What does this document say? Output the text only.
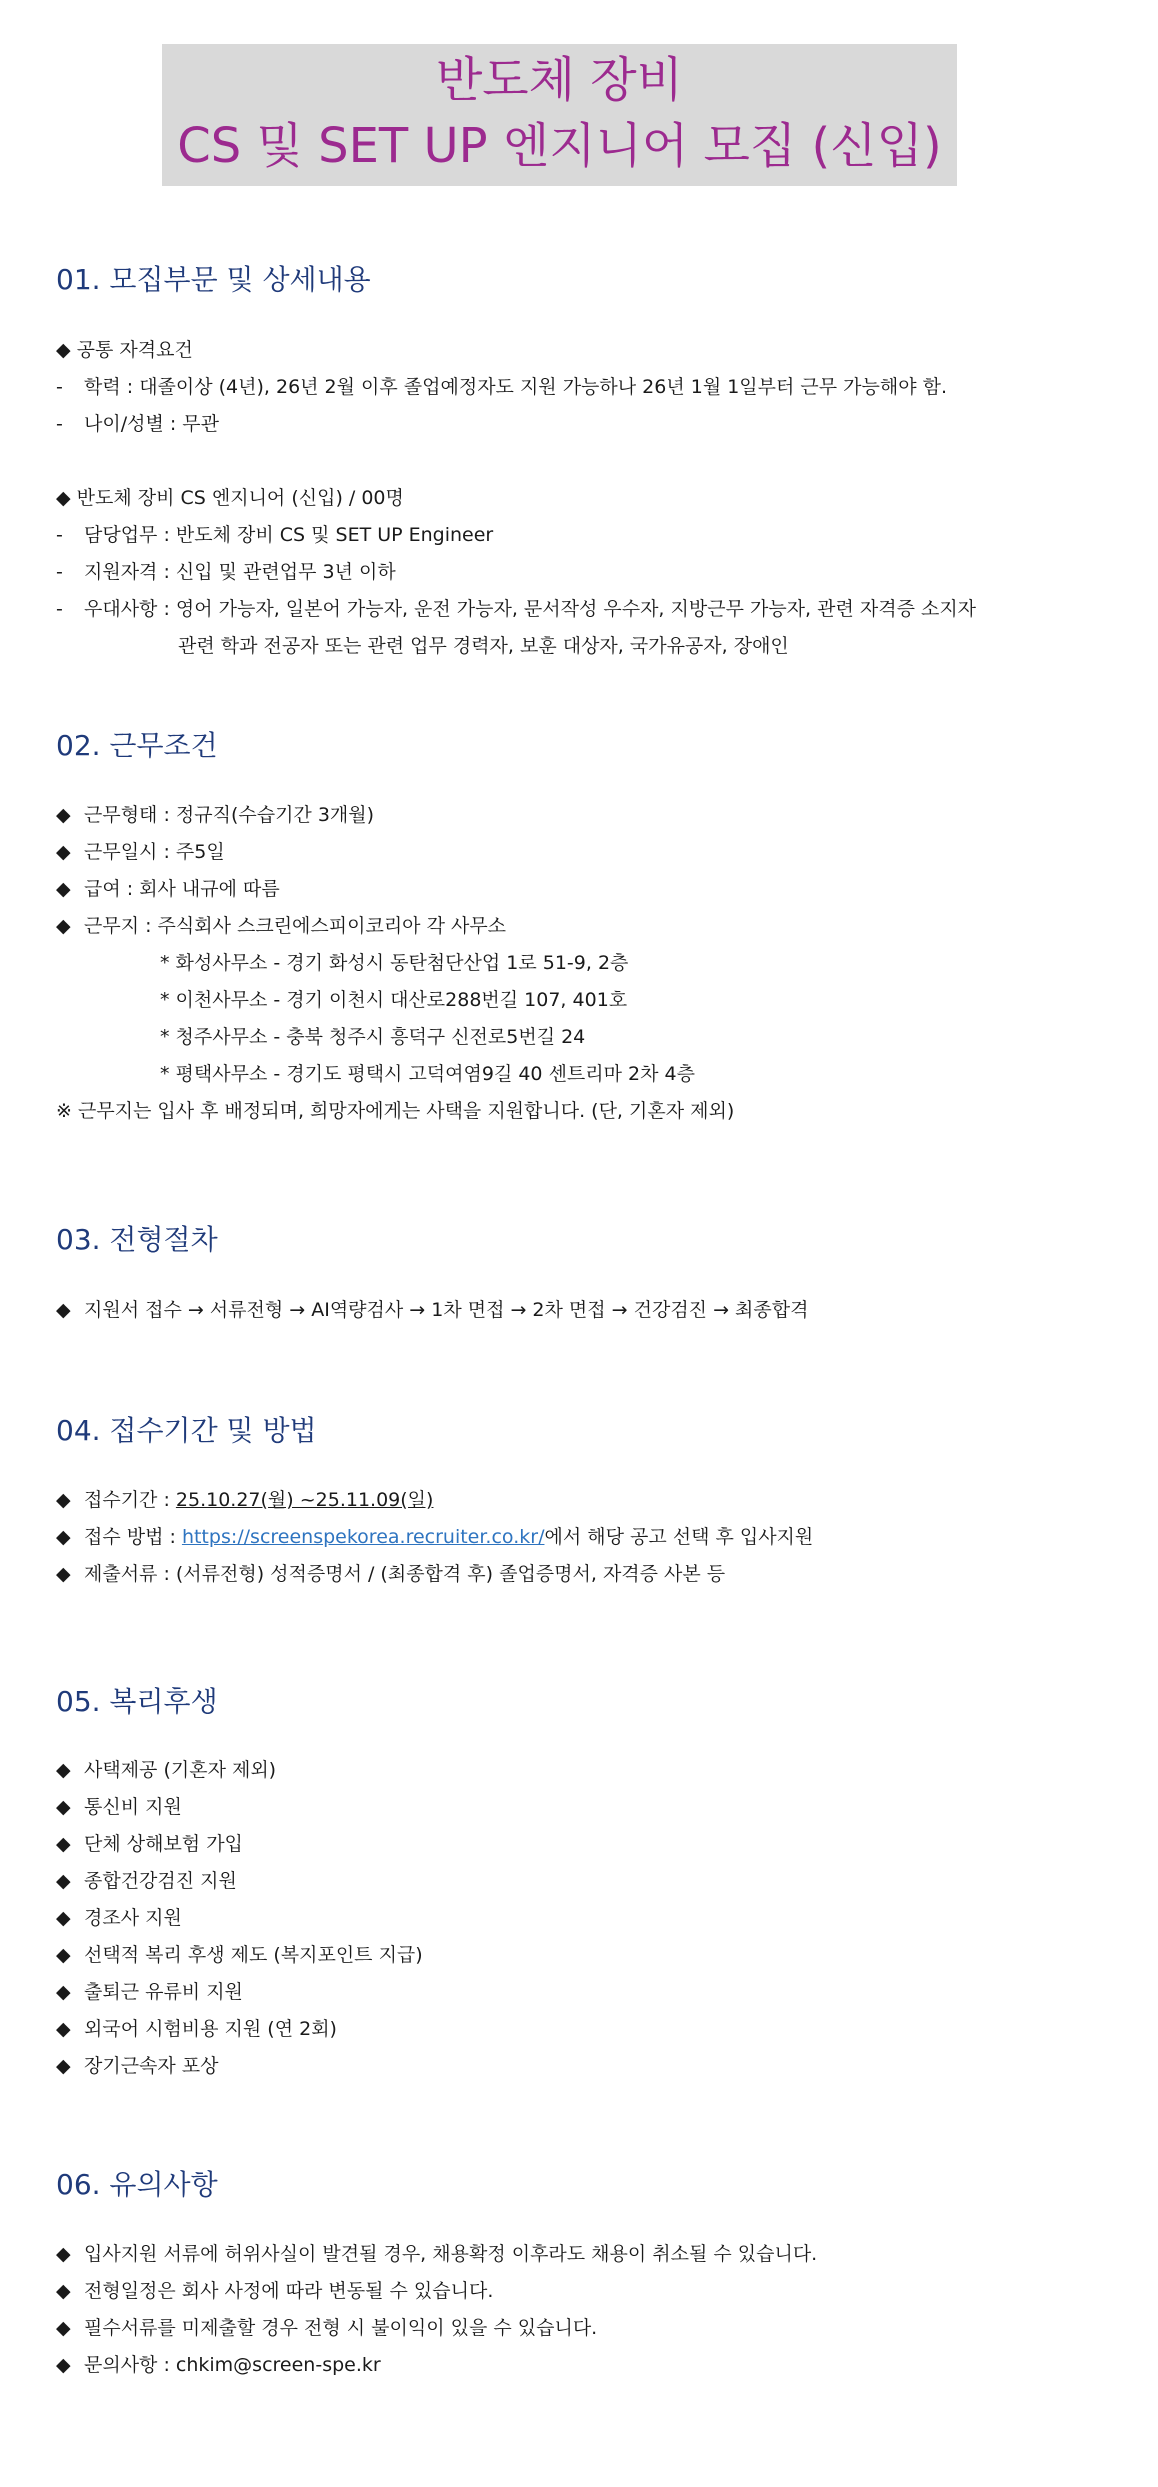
반도체 장비
CS 및 SET UP 엔지니어 모집 (신입)
01. 모집부문 및 상세내용
◆ 공통 자격요건
- 학력 : 대졸이상 (4년), 26년 2월 이후 졸업예정자도 지원 가능하나 26년 1월 1일부터 근무 가능해야 함.
- 나이/성별 : 무관
◆ 반도체 장비 CS 엔지니어 (신입) / 00명
- 담당업무 : 반도체 장비 CS 및 SET UP Engineer
- 지원자격 : 신입 및 관련업무 3년 이하
- 우대사항 : 영어 가능자, 일본어 가능자, 운전 가능자, 문서작성 우수자, 지방근무 가능자, 관련 자격증 소지자
관련 학과 전공자 또는 관련 업무 경력자, 보훈 대상자, 국가유공자, 장애인
02. 근무조건
◆ 근무형태 : 정규직(수습기간 3개월)
◆ 근무일시 : 주5일
◆ 급여 : 회사 내규에 따름
◆ 근무지 : 주식회사 스크린에스피이코리아 각 사무소
* 화성사무소 - 경기 화성시 동탄첨단산업 1로 51-9, 2층
* 이천사무소 - 경기 이천시 대산로288번길 107, 401호
* 청주사무소 - 충북 청주시 흥덕구 신전로5번길 24
* 평택사무소 - 경기도 평택시 고덕여염9길 40 센트리마 2차 4층
※ 근무지는 입사 후 배정되며, 희망자에게는 사택을 지원합니다. (단, 기혼자 제외)
03. 전형절차
◆ 지원서 접수 → 서류전형 → AI역량검사 → 1차 면접 → 2차 면접 → 건강검진 → 최종합격
04. 접수기간 및 방법
◆ 접수기간 : 25.10.27(월) ~25.11.09(일)
◆ 접수 방법 : https://screenspekorea.recruiter.co.kr/에서 해당 공고 선택 후 입사지원
◆ 제출서류 : (서류전형) 성적증명서 / (최종합격 후) 졸업증명서, 자격증 사본 등
05. 복리후생
◆ 사택제공 (기혼자 제외)
◆ 통신비 지원
◆ 단체 상해보험 가입
◆ 종합건강검진 지원
◆ 경조사 지원
◆ 선택적 복리 후생 제도 (복지포인트 지급)
◆ 출퇴근 유류비 지원
◆ 외국어 시험비용 지원 (연 2회)
◆ 장기근속자 포상
06. 유의사항
◆ 입사지원 서류에 허위사실이 발견될 경우, 채용확정 이후라도 채용이 취소될 수 있습니다.
◆ 전형일정은 회사 사정에 따라 변동될 수 있습니다.
◆ 필수서류를 미제출할 경우 전형 시 불이익이 있을 수 있습니다.
◆ 문의사항 : chkim@screen-spe.kr
